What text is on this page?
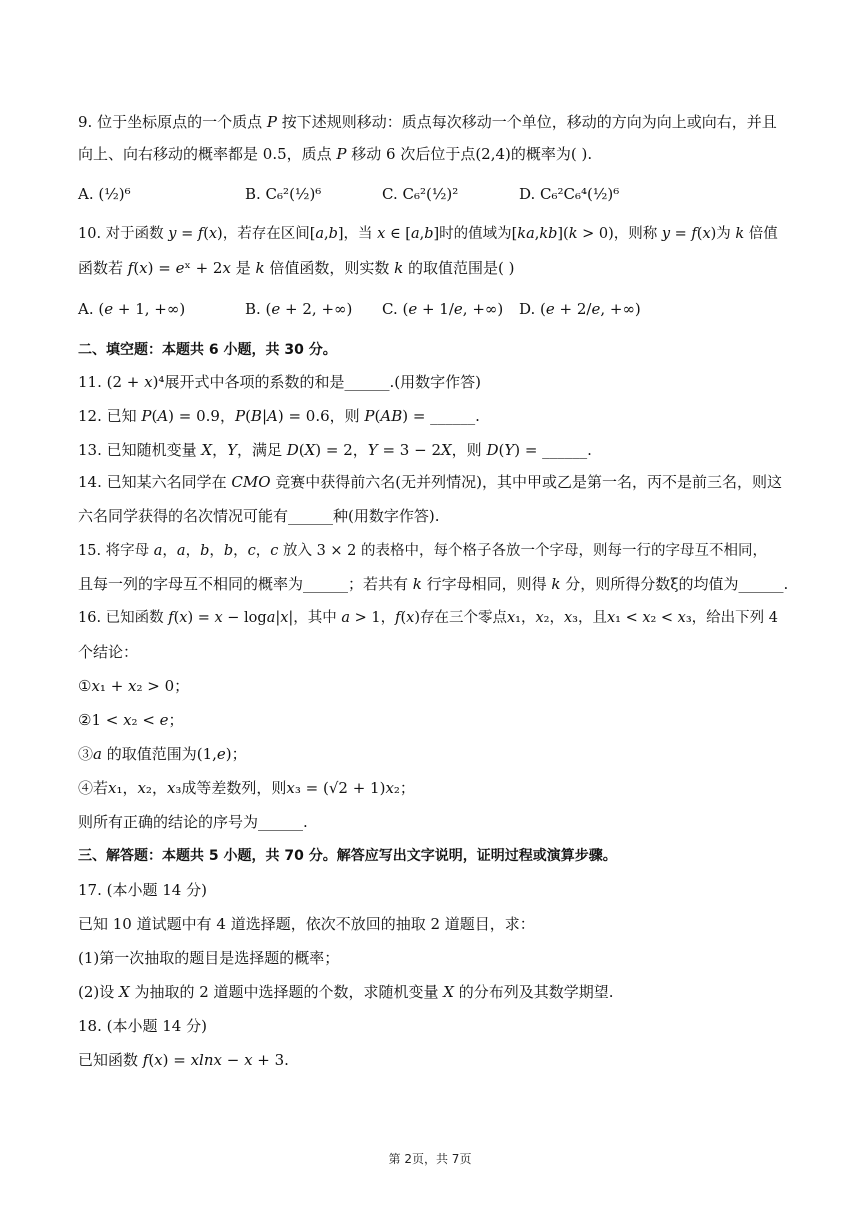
9. 位于坐标原点的一个质点 𝑃 按下述规则移动：质点每次移动一个单位，移动的方向为向上或向右，并且
向上、向右移动的概率都是 0.5，质点 𝑃 移动 6 次后位于点(2,4)的概率为( ).
A. (½)⁶	B. C₆²(½)⁶	C. C₆²(½)²	D. C₆²C₆⁴(½)⁶
10. 对于函数 𝑦 = 𝑓(𝑥)，若存在区间[𝑎,𝑏]，当 𝑥 ∈ [𝑎,𝑏]时的值域为[𝑘𝑎,𝑘𝑏](𝑘 > 0)，则称 𝑦 = 𝑓(𝑥)为 𝑘 倍值
函数若 𝑓(𝑥) = 𝑒ˣ + 2𝑥 是 𝑘 倍值函数，则实数 𝑘 的取值范围是( )
A. (𝑒 + 1, +∞)	B. (𝑒 + 2, +∞) C. (𝑒 + 1/𝑒, +∞) D. (𝑒 + 2/𝑒, +∞)
二、填空题：本题共 6 小题，共 30 分。
11. (2 + 𝑥)⁴展开式中各项的系数的和是______.(用数字作答)
12. 已知 𝑃(𝐴) = 0.9，𝑃(𝐵|𝐴) = 0.6，则 𝑃(𝐴𝐵) = ______.
13. 已知随机变量 𝑋，𝑌，满足 𝐷(𝑋) = 2，𝑌 = 3 − 2𝑋，则 𝐷(𝑌) = ______.
14. 已知某六名同学在 𝐶𝑀𝑂 竞赛中获得前六名(无并列情况)，其中甲或乙是第一名，丙不是前三名，则这
六名同学获得的名次情况可能有______种(用数字作答).
15. 将字母 𝑎，𝑎，𝑏，𝑏，𝑐，𝑐 放入 3 × 2 的表格中，每个格子各放一个字母，则每一行的字母互不相同，
且每一列的字母互不相同的概率为______；若共有 𝑘 行字母相同，则得 𝑘 分，则所得分数ξ的均值为______.
16. 已知函数 𝑓(𝑥) = 𝑥 − log𝑎|𝑥|，其中 𝑎 > 1，𝑓(𝑥)存在三个零点𝑥₁，𝑥₂，𝑥₃，且𝑥₁ < 𝑥₂ < 𝑥₃，给出下列 4
个结论：
①𝑥₁ + 𝑥₂ > 0；
②1 < 𝑥₂ < 𝑒；
③𝑎 的取值范围为(1,𝑒)；
④若𝑥₁，𝑥₂，𝑥₃成等差数列，则𝑥₃ = (√2 + 1)𝑥₂；
则所有正确的结论的序号为______.
三、解答题：本题共 5 小题，共 70 分。解答应写出文字说明，证明过程或演算步骤。
17. (本小题 14 分)
已知 10 道试题中有 4 道选择题，依次不放回的抽取 2 道题目，求：
(1)第一次抽取的题目是选择题的概率；
(2)设 𝑋 为抽取的 2 道题中选择题的个数，求随机变量 𝑋 的分布列及其数学期望.
18. (本小题 14 分)
已知函数 𝑓(𝑥) = 𝑥𝑙𝑛𝑥 − 𝑥 + 3.
第 2页，共 7页
